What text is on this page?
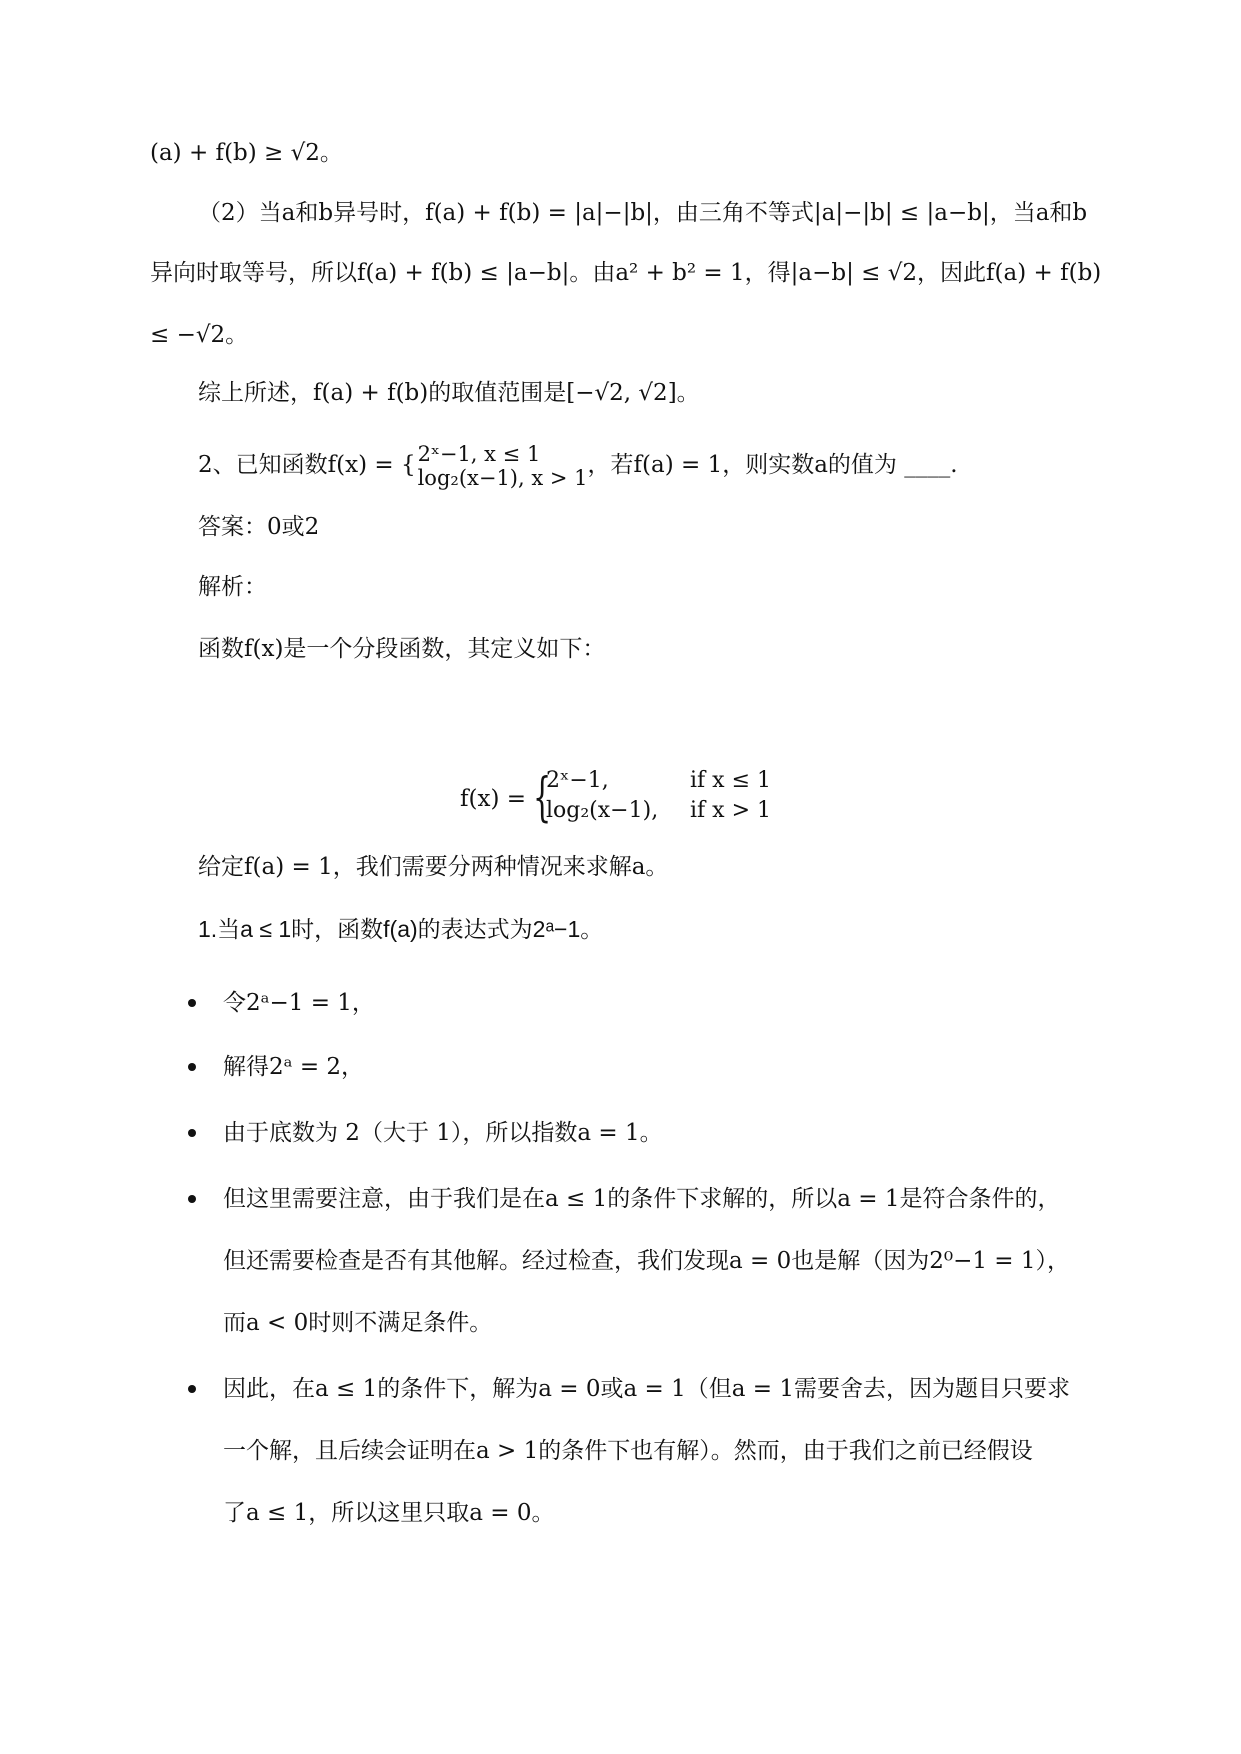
(a) + f(b) ≥ √2。
（2）当a和b异号时，f(a) + f(b) = |a|−|b|，由三角不等式|a|−|b| ≤ |a−b|，当a和b
异向时取等号，所以f(a) + f(b) ≤ |a−b|。由a² + b² = 1，得|a−b| ≤ √2，因此f(a) + f(b)
≤ −√2。
综上所述，f(a) + f(b)的取值范围是[−√2, √2]。
2、已知函数f(x) = { 2ˣ−1, x ≤ 1
log₂(x−1), x > 1 ，若f(a) = 1，则实数a的值为 ____.
答案：0或2
解析：
函数f(x)是一个分段函数，其定义如下：
f(x) = {
2ˣ−1,	if x ≤ 1
log₂(x−1), if x > 1
给定f(a) = 1，我们需要分两种情况来求解a。
1.当a ≤ 1时，函数f(a)的表达式为2ᵃ−1。
令2ᵃ−1 = 1，
解得2ᵃ = 2，
由于底数为 2（大于 1），所以指数a = 1。
但这里需要注意，由于我们是在a ≤ 1的条件下求解的，所以a = 1是符合条件的，
但还需要检查是否有其他解。经过检查，我们发现a = 0也是解（因为2⁰−1 = 1），
而a < 0时则不满足条件。
因此，在a ≤ 1的条件下，解为a = 0或a = 1（但a = 1需要舍去，因为题目只要求
一个解，且后续会证明在a > 1的条件下也有解）。然而，由于我们之前已经假设
了a ≤ 1，所以这里只取a = 0。
